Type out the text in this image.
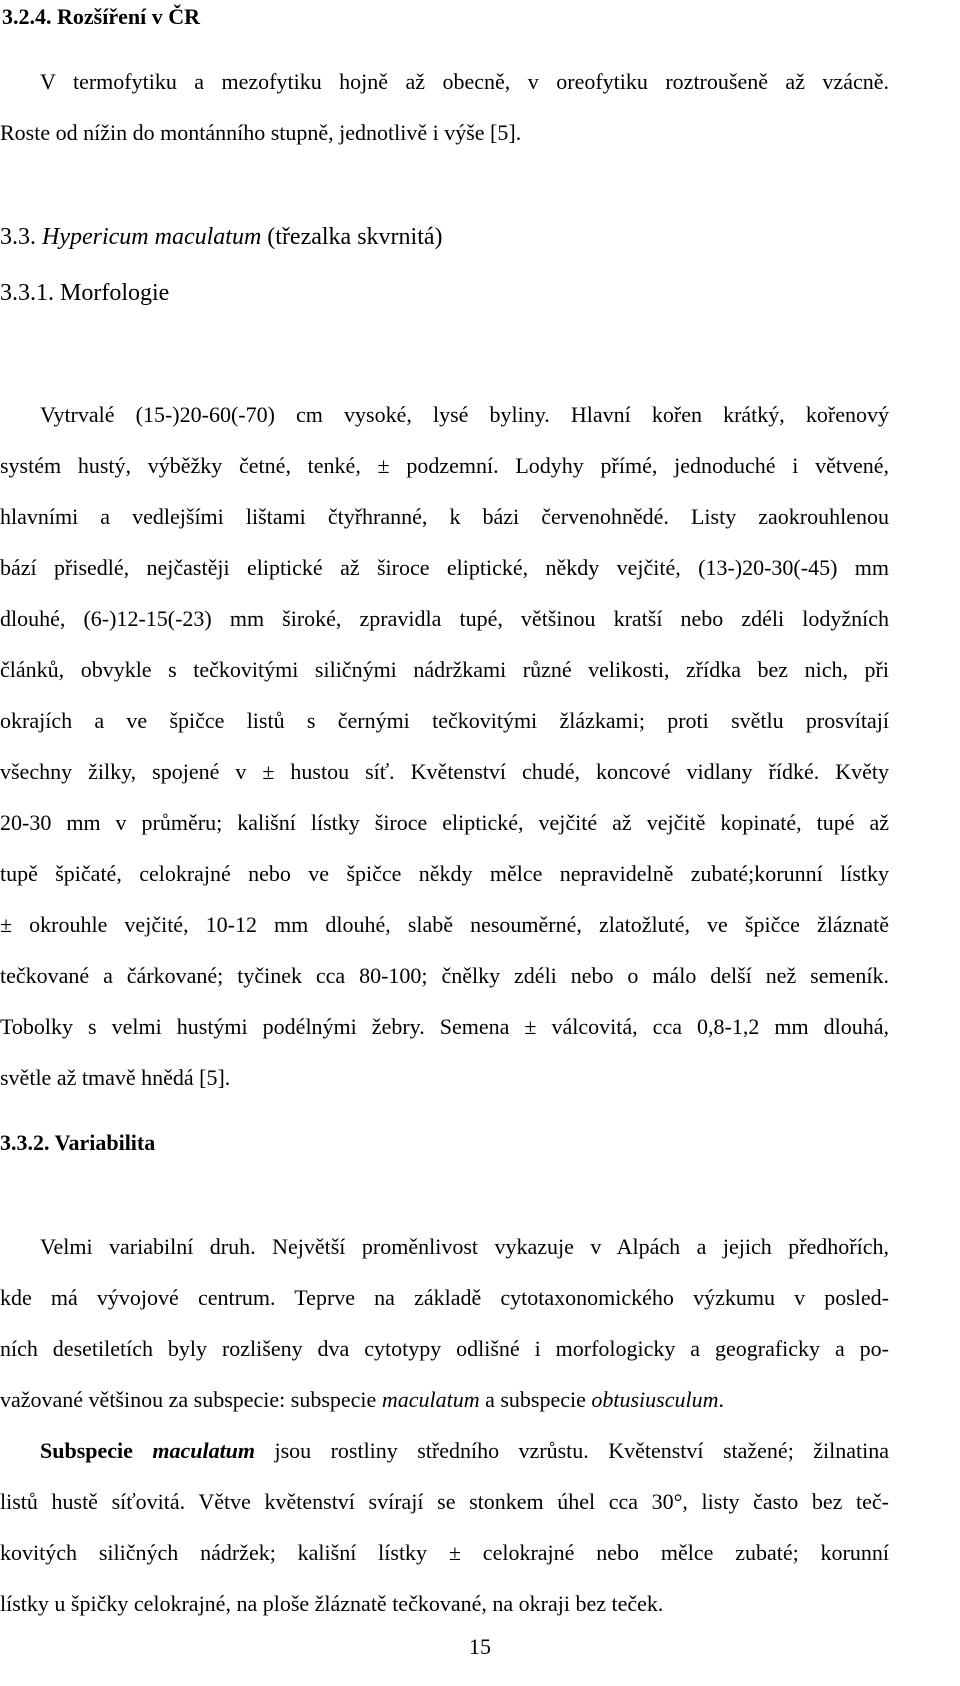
3.2.4. Rozšíření v ČR

V termofytiku a mezofytiku hojně až obecně, v oreofytiku roztroušeně až vzácně.

Roste od nížin do montánního stupně, jednotlivě i výše [5].

3.3. Hypericum maculatum (třezalka skvrnitá)

3.3.1. Morfologie

Vytrvalé (15-)20-60(-70) cm vysoké, lysé byliny. Hlavní kořen krátký, kořenový

systém hustý, výběžky četné, tenké, ± podzemní. Lodyhy přímé, jednoduché i větvené,

hlavními a vedlejšími lištami čtyřhranné, k bázi červenohnědé. Listy zaokrouhlenou

bází přisedlé, nejčastěji eliptické až široce eliptické, někdy vejčité, (13-)20-30(-45) mm

dlouhé, (6-)12-15(-23) mm široké, zpravidla tupé, většinou kratší nebo zdéli lodyžních

článků, obvykle s tečkovitými siličnými nádržkami různé velikosti, zřídka bez nich, při

okrajích a ve špičce listů s černými tečkovitými žlázkami; proti světlu prosvítají

všechny žilky, spojené v ± hustou síť. Květenství chudé, koncové vidlany řídké. Květy

20-30 mm v průměru; kališní lístky široce eliptické, vejčité až vejčitě kopinaté, tupé až

tupě špičaté, celokrajné nebo ve špičce někdy mělce nepravidelně zubaté;korunní lístky

± okrouhle vejčité, 10-12 mm dlouhé, slabě nesouměrné, zlatožluté, ve špičce žláznatě

tečkované a čárkované; tyčinek cca 80-100; čnělky zdéli nebo o málo delší než semeník.

Tobolky s velmi hustými podélnými žebry. Semena ± válcovitá, cca 0,8-1,2 mm dlouhá,

světle až tmavě hnědá [5].

3.3.2. Variabilita

Velmi variabilní druh. Největší proměnlivost vykazuje v Alpách a jejich předhořích,

kde má vývojové centrum. Teprve na základě cytotaxonomického výzkumu v posled-

ních desetiletích byly rozlišeny dva cytotypy odlišné i morfologicky a geograficky a po-

važované většinou za subspecie: subspecie maculatum a subspecie obtusiusculum.

Subspecie maculatum jsou rostliny středního vzrůstu. Květenství stažené; žilnatina

listů hustě síťovitá. Větve květenství svírají se stonkem úhel cca 30°, listy často bez teč-

kovitých siličných nádržek; kališní lístky ± celokrajné nebo mělce zubaté; korunní

lístky u špičky celokrajné, na ploše žláznatě tečkované, na okraji bez teček.

15
